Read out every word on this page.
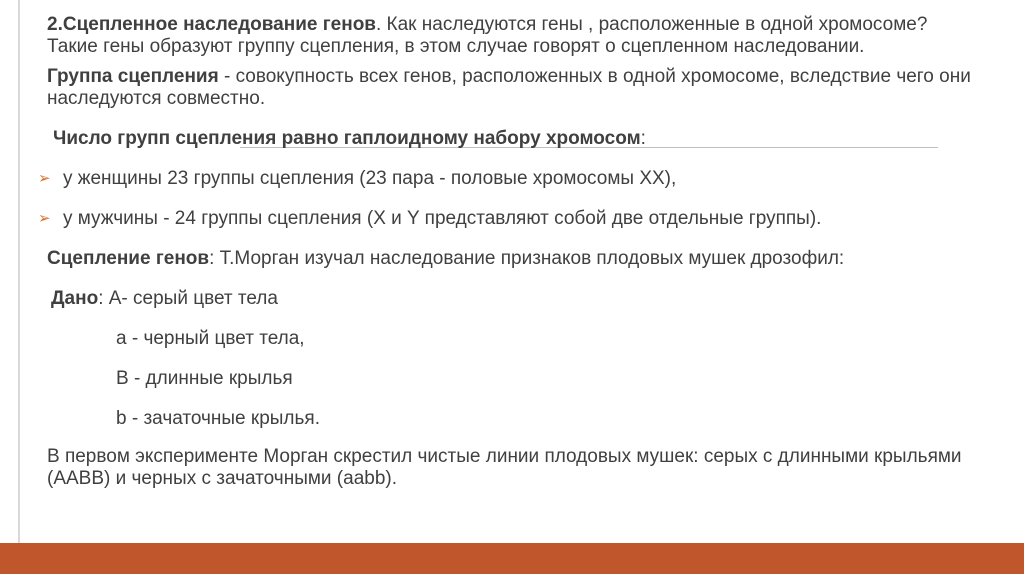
2.Сцепленное наследование генов. Как наследуются гены , расположенные в одной хромосоме? Такие гены образуют группу сцепления, в этом случае говорят о сцепленном наследовании.

Группа сцепления - совокупность всех генов, расположенных в одной хромосоме, вследствие чего они наследуются совместно.

Число групп сцепления равно гаплоидному набору хромосом:

➢ у женщины 23 группы сцепления (23 пара - половые хромосомы XX),
➢ у мужчины - 24 группы сцепления (X и Y представляют собой две отдельные группы).

Сцепление генов: Т.Морган изучал наследование признаков плодовых мушек дрозофил:

Дано: А- серый цвет тела

а - черный цвет тела,

В - длинные крылья

b - зачаточные крылья.

В первом эксперименте Морган скрестил чистые линии плодовых мушек: серых с длинными крыльями (ААВВ) и черных с зачаточными (aabb).
